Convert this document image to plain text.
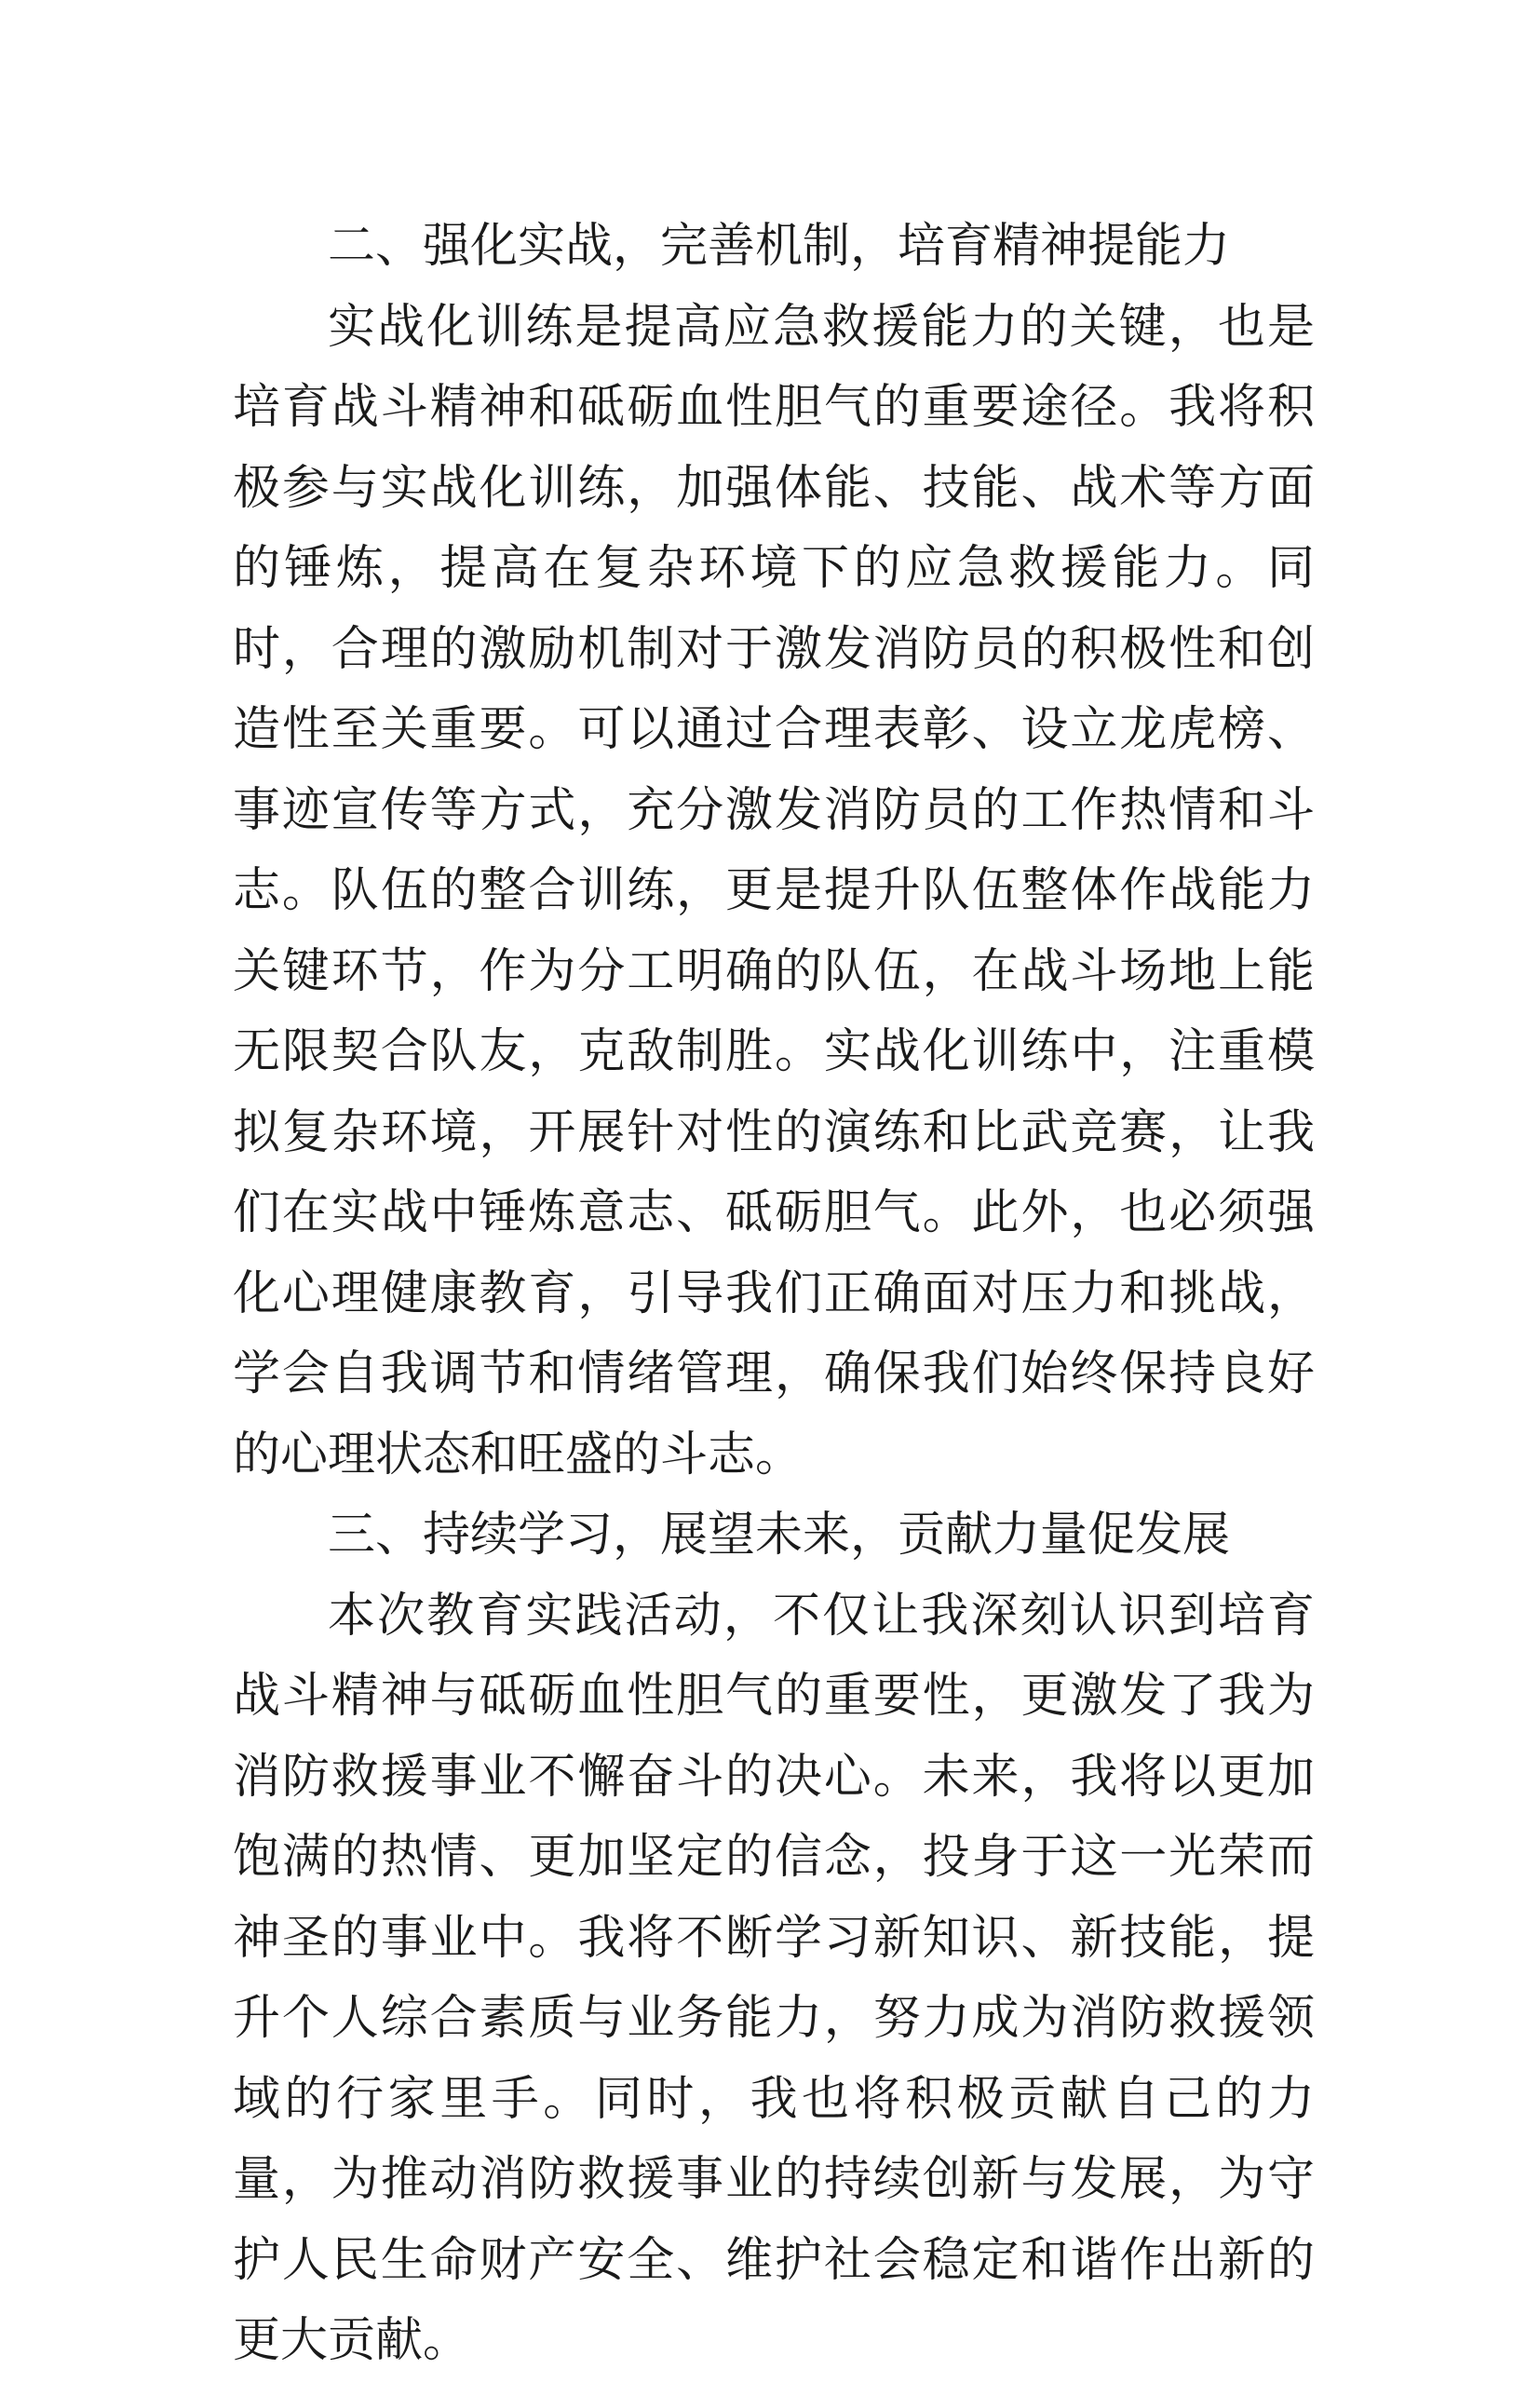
二、强化实战，完善机制，培育精神提能力

实战化训练是提高应急救援能力的关键，也是培育战斗精神和砥砺血性胆气的重要途径。我将积极参与实战化训练，加强体能、技能、战术等方面的锤炼，提高在复杂环境下的应急救援能力。同时，合理的激励机制对于激发消防员的积极性和创造性至关重要。可以通过合理表彰、设立龙虎榜、事迹宣传等方式，充分激发消防员的工作热情和斗志。队伍的整合训练，更是提升队伍整体作战能力关键环节，作为分工明确的队伍，在战斗场地上能无限契合队友，克敌制胜。实战化训练中，注重模拟复杂环境，开展针对性的演练和比武竞赛，让我们在实战中锤炼意志、砥砺胆气。此外，也必须强化心理健康教育，引导我们正确面对压力和挑战，学会自我调节和情绪管理，确保我们始终保持良好的心理状态和旺盛的斗志。

三、持续学习，展望未来，贡献力量促发展

本次教育实践活动，不仅让我深刻认识到培育战斗精神与砥砺血性胆气的重要性，更激发了我为消防救援事业不懈奋斗的决心。未来，我将以更加饱满的热情、更加坚定的信念，投身于这一光荣而神圣的事业中。我将不断学习新知识、新技能，提升个人综合素质与业务能力，努力成为消防救援领域的行家里手。同时，我也将积极贡献自己的力量，为推动消防救援事业的持续创新与发展，为守护人民生命财产安全、维护社会稳定和谐作出新的更大贡献。
